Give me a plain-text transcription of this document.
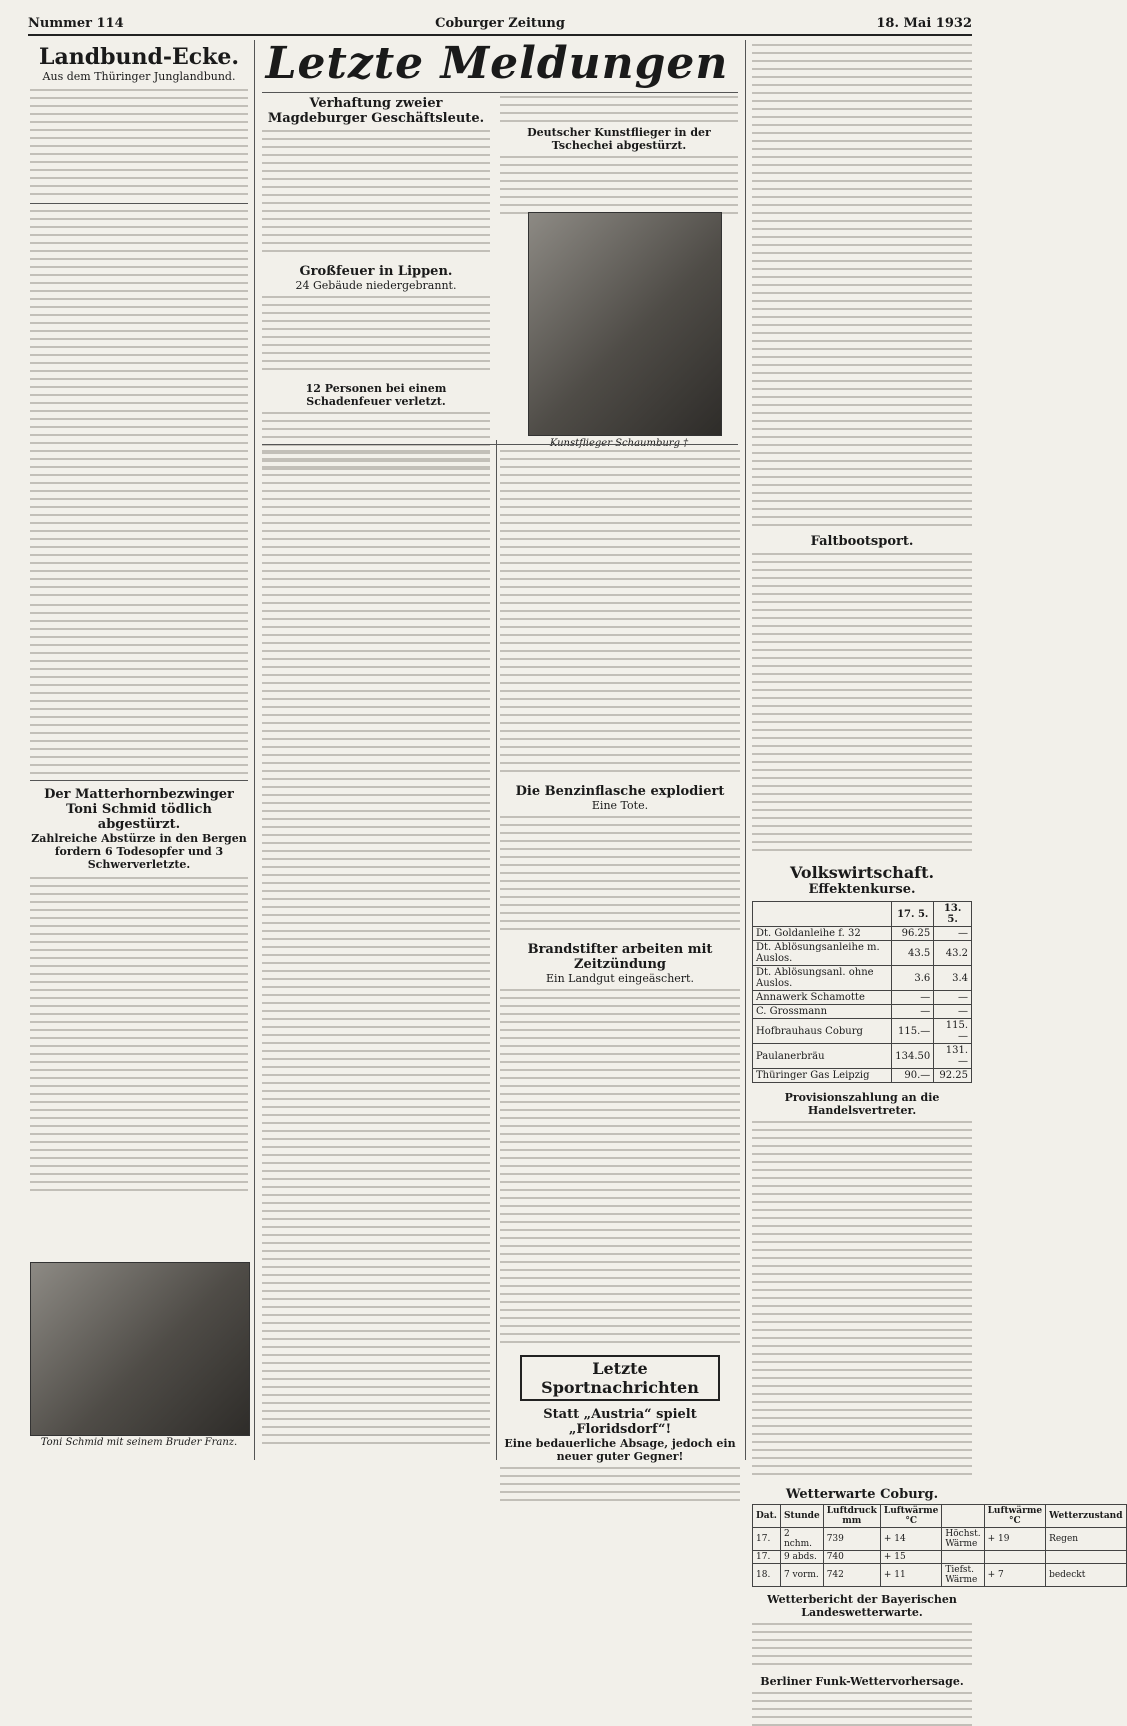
Nummer 114	Coburger Zeitung	18. Mai 1932
Landbund-Ecke.
Aus dem Thüringer Junglandbund.
Der Matterhornbezwinger Toni Schmid tödlich abgestürzt.
Zahlreiche Abstürze in den Bergen fordern 6 Todesopfer und 3 Schwerverletzte.
Toni Schmid mit seinem Bruder Franz.
Letzte Meldungen
Verhaftung zweier Magdeburger Geschäftsleute.
Großfeuer in Lippen.
24 Gebäude niedergebrannt.
12 Personen bei einem Schadenfeuer verletzt.
Deutscher Kunstflieger in der Tschechei abgestürzt.
Die Benzinflasche explodiert
Eine Tote.
Brandstifter arbeiten mit Zeitzündung
Ein Landgut eingeäschert.
Letzte Sportnachrichten
Statt „Austria“ spielt „Floridsdorf“!
Eine bedauerliche Absage, jedoch ein neuer guter Gegner!
Faltbootsport.
Volkswirtschaft.
Effektenkurse.
	17. 5.	13. 5.
Dt. Goldanleihe f. 32	96.25	—
Dt. Ablösungsanleihe m. Auslos.	43.5	43.2
Dt. Ablösungsanl. ohne Auslos.	3.6	3.4
Annawerk Schamotte	—	—
C. Grossmann	—	—
Hofbrauhaus Coburg	115.—	115.—
Paulanerbräu	134.50	131.—
Thüringer Gas Leipzig	90.—	92.25
Provisionszahlung an die Handelsvertreter.
Wetterwarte Coburg.
Dat.	Stunde	Luftdruck mm	Luftwärme °C		Luftwärme °C	Wetterzustand
17.	2 nchm.	739	+ 14	Höchst. Wärme	+ 19	Regen
17.	9 abds.	740	+ 15			
18.	7 vorm.	742	+ 11	Tiefst. Wärme	+ 7	bedeckt
Wetterbericht der Bayerischen Landeswetterwarte.
Berliner Funk-Wettervorhersage.
